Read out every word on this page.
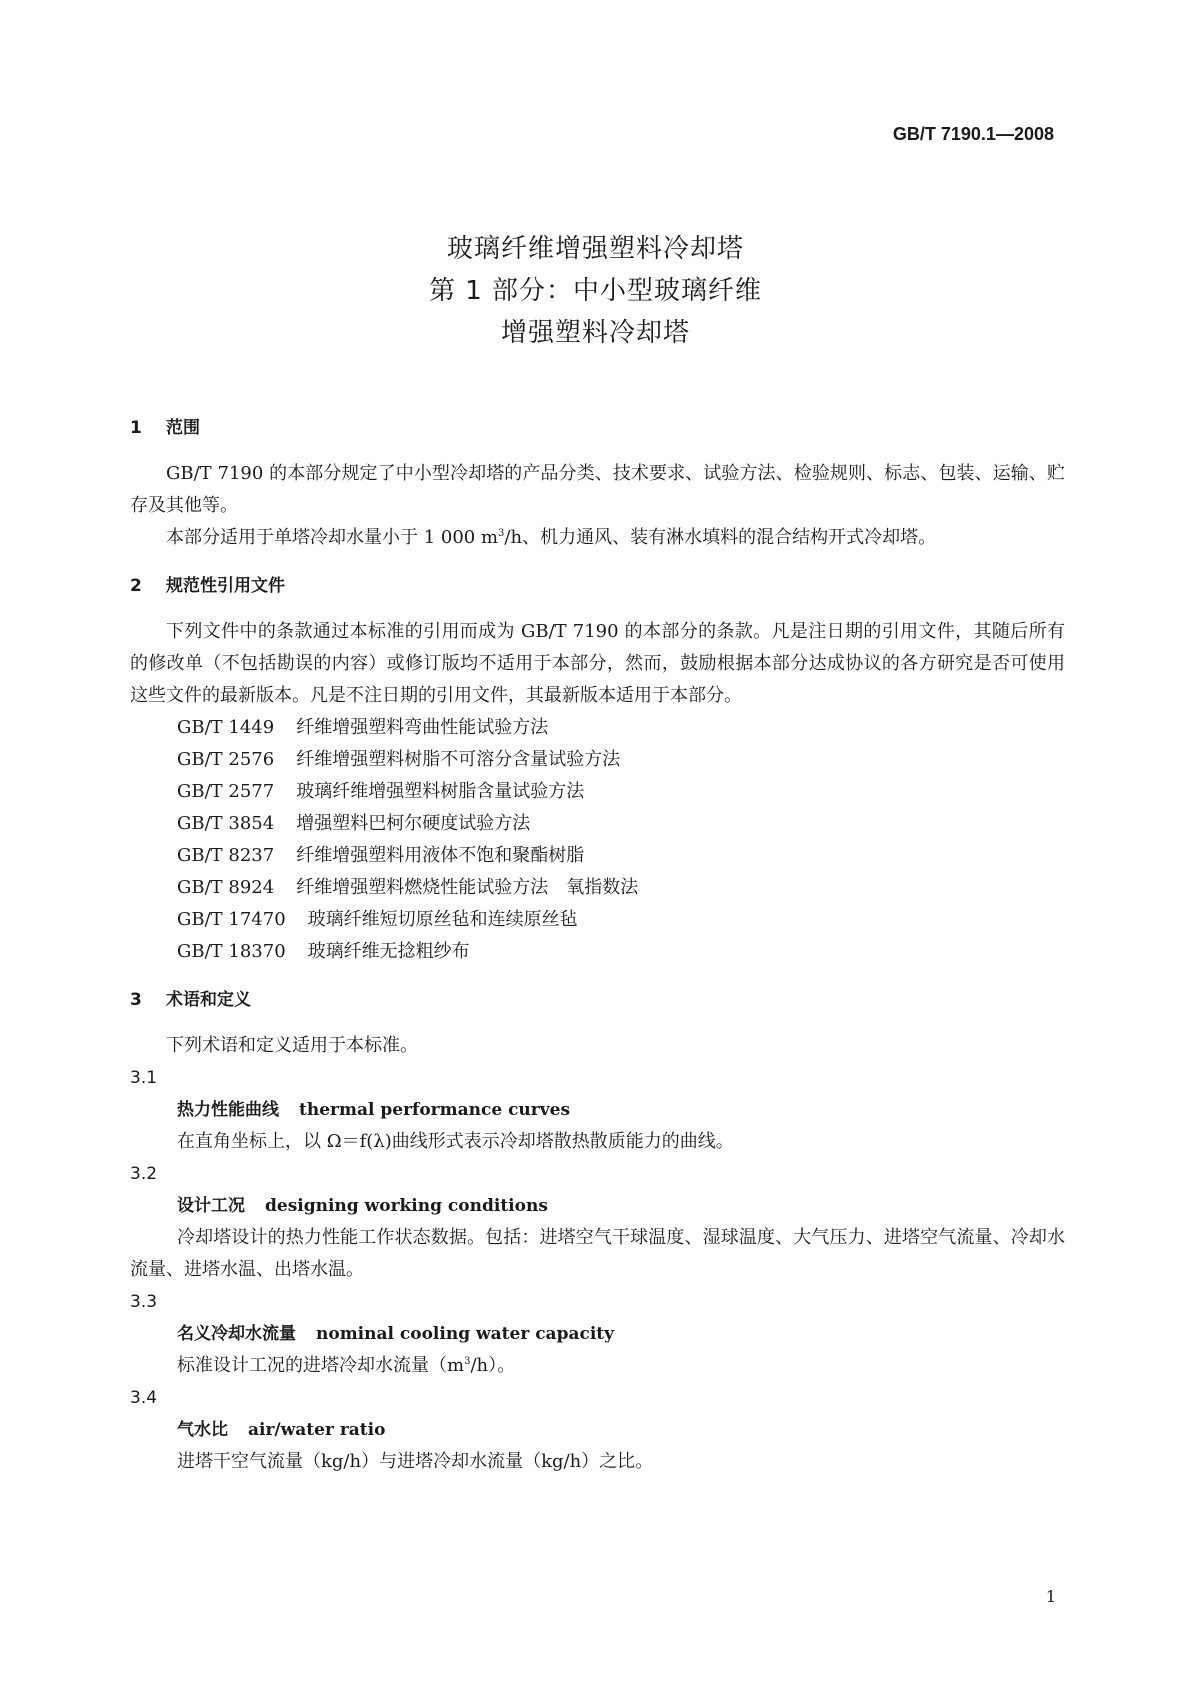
GB/T 7190.1—2008
玻璃纤维增强塑料冷却塔
第 1 部分：中小型玻璃纤维
增强塑料冷却塔
1 范围

GB/T 7190 的本部分规定了中小型冷却塔的产品分类、技术要求、试验方法、检验规则、标志、包装、运输、贮存及其他等。

本部分适用于单塔冷却水量小于 1 000 $m^3/h$、机力通风、装有淋水填料的混合结构开式冷却塔。

2 规范性引用文件

下列文件中的条款通过本标准的引用而成为 GB/T 7190 的本部分的条款。凡是注日期的引用文件，其随后所有的修改单（不包括勘误的内容）或修订版均不适用于本部分，然而，鼓励根据本部分达成协议的各方研究是否可使用这些文件的最新版本。凡是不注日期的引用文件，其最新版本适用于本部分。

GB/T 1449 纤维增强塑料弯曲性能试验方法
GB/T 2576 纤维增强塑料树脂不可溶分含量试验方法
GB/T 2577 玻璃纤维增强塑料树脂含量试验方法
GB/T 3854 增强塑料巴柯尔硬度试验方法
GB/T 8237 纤维增强塑料用液体不饱和聚酯树脂
GB/T 8924 纤维增强塑料燃烧性能试验方法　氧指数法
GB/T 17470 玻璃纤维短切原丝毡和连续原丝毡
GB/T 18370 玻璃纤维无捻粗纱布
3 术语和定义

下列术语和定义适用于本标准。

3.1
热力性能曲线 thermal performance curves
在直角坐标上，以 Ω＝f(λ)曲线形式表示冷却塔散热散质能力的曲线。
3.2
设计工况 designing working conditions
冷却塔设计的热力性能工作状态数据。包括：进塔空气干球温度、湿球温度、大气压力、进塔空气流量、冷却水流量、进塔水温、出塔水温。
3.3
名义冷却水流量 nominal cooling water capacity
标准设计工况的进塔冷却水流量$(m^3/h)$。
3.4
气水比 air/water ratio
进塔干空气流量（kg/h）与进塔冷却水流量（kg/h）之比。
1
